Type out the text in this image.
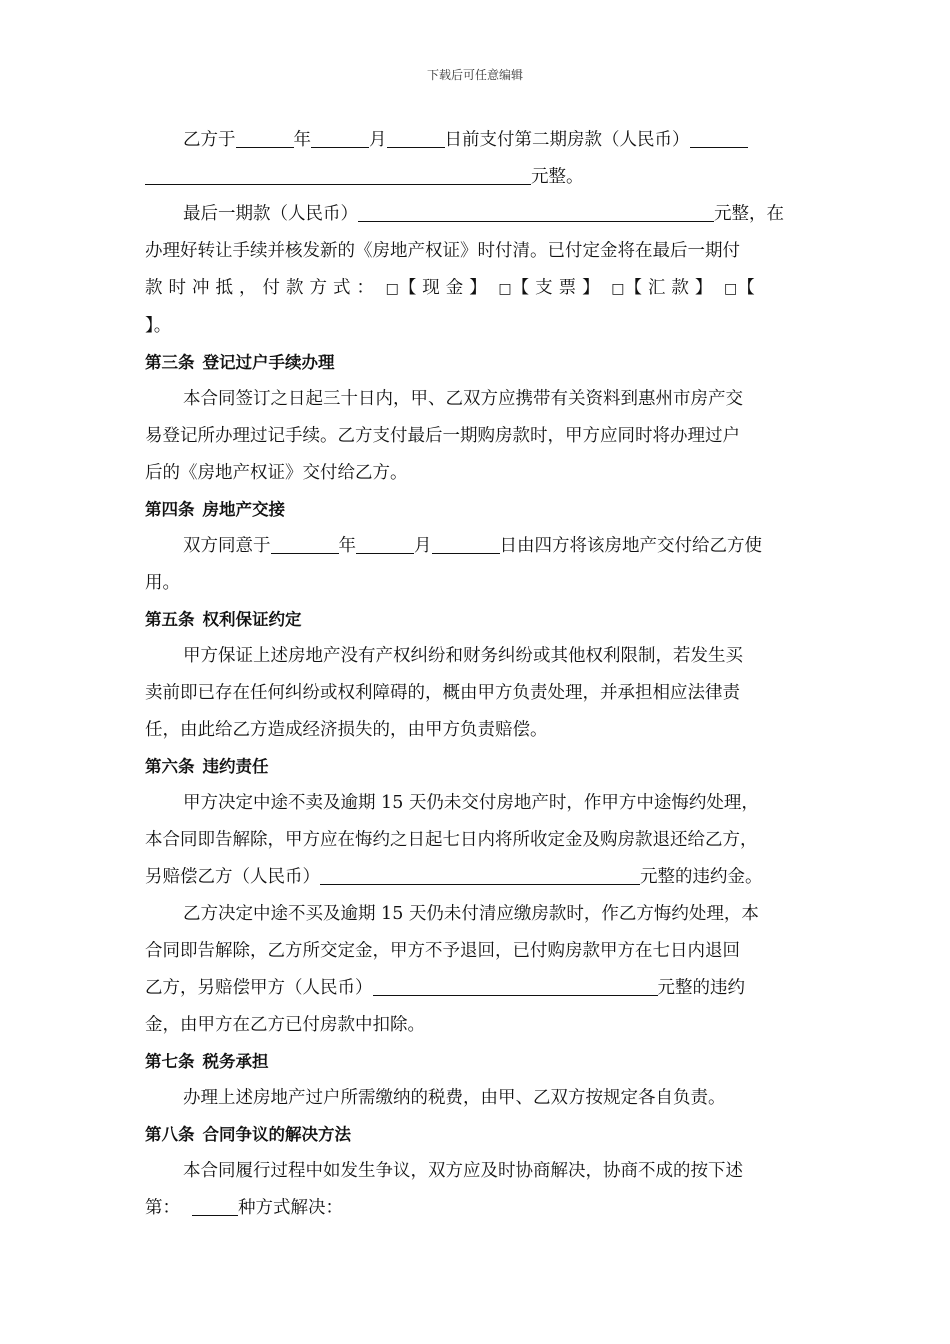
下载后可任意编辑

乙方于	年	月	日前支付第二期房款（人民币）

元整。

最后一期款（人民币）	元整，在

办理好转让手续并核发新的《房地产权证》时付清。已付定金将在最后一期付

款时冲抵，付款方式： □【现金】 □【支票】 □【汇款】 □【

】。

第三条 登记过户手续办理

本合同签订之日起三十日内，甲、乙双方应携带有关资料到惠州市房产交

易登记所办理过记手续。乙方支付最后一期购房款时，甲方应同时将办理过户

后的《房地产权证》交付给乙方。

第四条 房地产交接

双方同意于	年	月	日由四方将该房地产交付给乙方使

用。

第五条 权利保证约定

甲方保证上述房地产没有产权纠纷和财务纠纷或其他权利限制，若发生买

卖前即已存在任何纠纷或权利障碍的，概由甲方负责处理，并承担相应法律责

任，由此给乙方造成经济损失的，由甲方负责赔偿。

第六条 违约责任

甲方决定中途不卖及逾期 15 天仍未交付房地产时，作甲方中途悔约处理，

本合同即告解除，甲方应在悔约之日起七日内将所收定金及购房款退还给乙方，

另赔偿乙方（人民币）	元整的违约金。

乙方决定中途不买及逾期 15 天仍未付清应缴房款时，作乙方悔约处理，本

合同即告解除，乙方所交定金，甲方不予退回，已付购房款甲方在七日内退回

乙方，另赔偿甲方（人民币）	元整的违约

金，由甲方在乙方已付房款中扣除。

第七条 税务承担

办理上述房地产过户所需缴纳的税费，由甲、乙双方按规定各自负责。

第八条 合同争议的解决方法

本合同履行过程中如发生争议，双方应及时协商解决，协商不成的按下述

第：	种方式解决：
